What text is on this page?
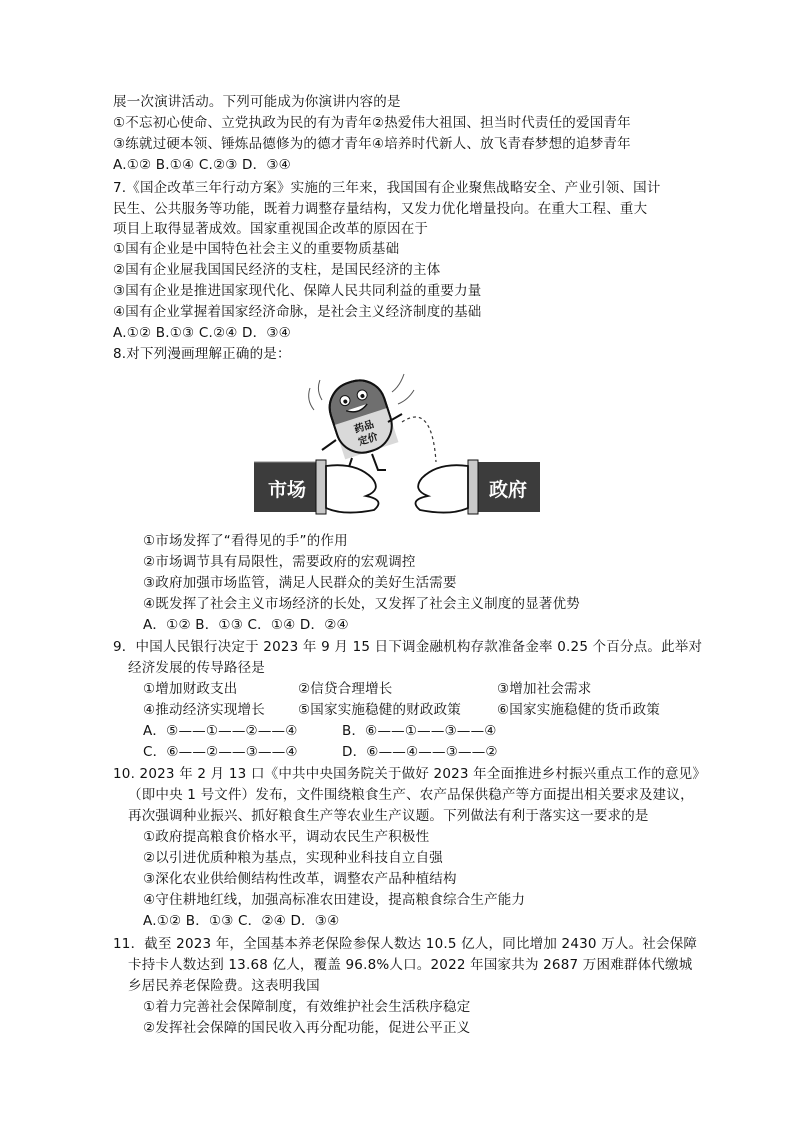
展一次演讲活动。下列可能成为你演讲内容的是
①不忘初心使命、立党执政为民的有为青年②热爱伟大祖国、担当时代责任的爱国青年
③练就过硬本领、锤炼品德修为的德才青年④培养时代新人、放飞青春梦想的追梦青年
A.①② B.①④ C.②③ D．③④
7.《国企改革三年行动方案》实施的三年来，我国国有企业聚焦战略安全、产业引领、国计
民生、公共服务等功能，既着力调整存量结构，又发力优化增量投向。在重大工程、重大
项目上取得显著成效。国家重视国企改革的原因在于
①国有企业是中国特色社会主义的重要物质基础
②国有企业屉我国国民经济的支柱，是国民经济的主体
③国有企业是推进国家现代化、保障人民共同利益的重要力量
④国有企业掌握着国家经济命脉，是社会主义经济制度的基础
A.①② B.①③ C.②④ D．③④
8.对下列漫画理解正确的是：
药品
定价
市场	政府
①市场发挥了“看得见的手”的作用
②市场调节具有局限性，需要政府的宏观调控
③政府加强市场监管，满足人民群众的美好生活需要
④既发挥了社会主义市场经济的长处，又发挥了社会主义制度的显著优势
A．①② B．①③ C．①④ D．②④
9．中国人民银行决定于 2023 年 9 月 15 日下调金融机构存款准备金率 0.25 个百分点。此举对
经济发展的传导路径是
①增加财政支出	②信贷合理增长	③增加社会需求
④推动经济实现增长 ⑤国家实施稳健的财政政策	⑥国家实施稳健的货币政策
A．⑤——①——②——④	B．⑥——①——③——④
C．⑥——②——③——④	D．⑥——④——③——②
10. 2023 年 2 月 13 口《中共中央国务院关于做好 2023 年全面推进乡村振兴重点工作的意见》
（即中央 1 号文件）发布，文件围绕粮食生产、农产品保供稳产等方面提出相关要求及建议，
再次强调种业振兴、抓好粮食生产等农业生产议题。下列做法有利于落实这一要求的是
①政府提高粮食价格水平，调动农民生产积极性
②以引进优质种粮为基点，实现种业科技自立自强
③深化农业供给侧结构性改革，调整农产品种植结构
④守住耕地红线，加强高标准农田建设，提高粮食综合生产能力
A.①② B．①③ C．②④ D．③④
11．截至 2023 年，全国基本养老保险参保人数达 10.5 亿人，同比增加 2430 万人。社会保障
卡持卡人数达到 13.68 亿人，覆盖 96.8%人口。2022 年国家共为 2687 万困难群体代缴城
乡居民养老保险费。这表明我国
①着力完善社会保障制度，有效维护社会生活秩序稳定
②发挥社会保障的国民收入再分配功能，促进公平正义
